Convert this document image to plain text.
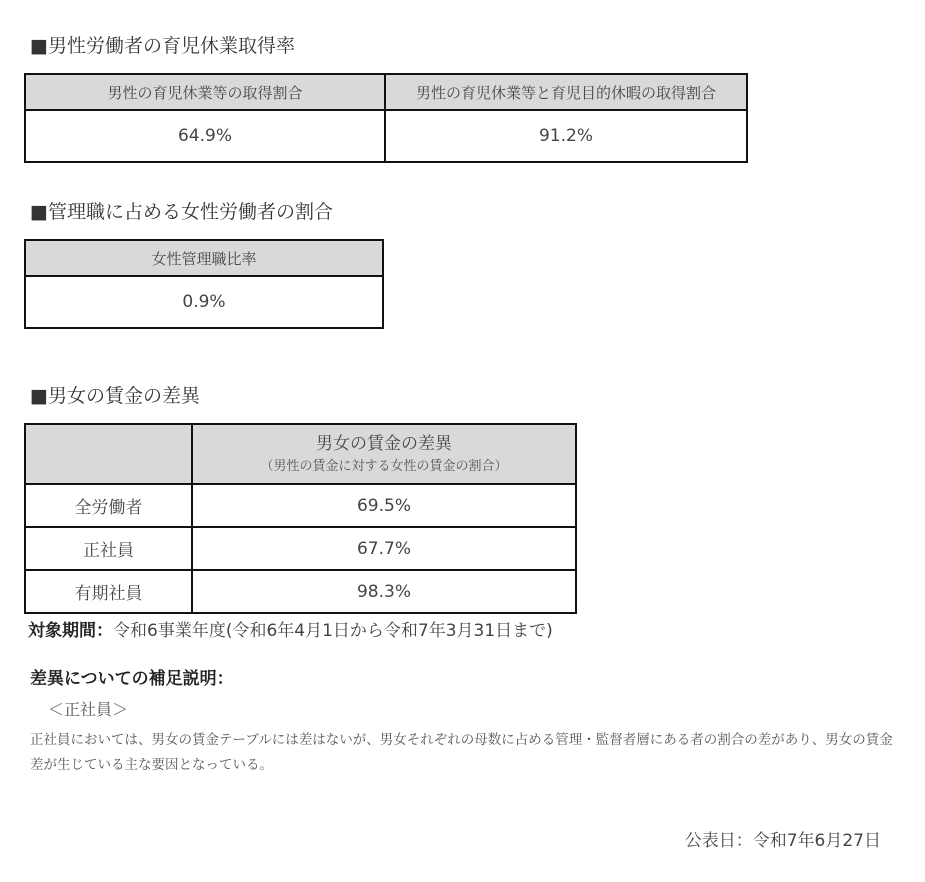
■男性労働者の育児休業取得率
男性の育児休業等の取得割合	男性の育児休業等と育児目的休暇の取得割合
64.9%	91.2%
■管理職に占める女性労働者の割合
女性管理職比率
0.9%
■男女の賃金の差異

	男女の賃金の差異
（男性の賃金に対する女性の賃金の割合）

全労働者	69.5%
正社員	67.7%
有期社員	98.3%
対象期間：令和6事業年度(令和6年4月1日から令和7年3月31日まで)
差異についての補足説明：
＜正社員＞
正社員においては、男女の賃金テーブルには差はないが、男女それぞれの母数に占める管理・監督者層にある者の割合の差があり、男女の賃金差が生じている主な要因となっている。
公表日：令和7年6月27日
